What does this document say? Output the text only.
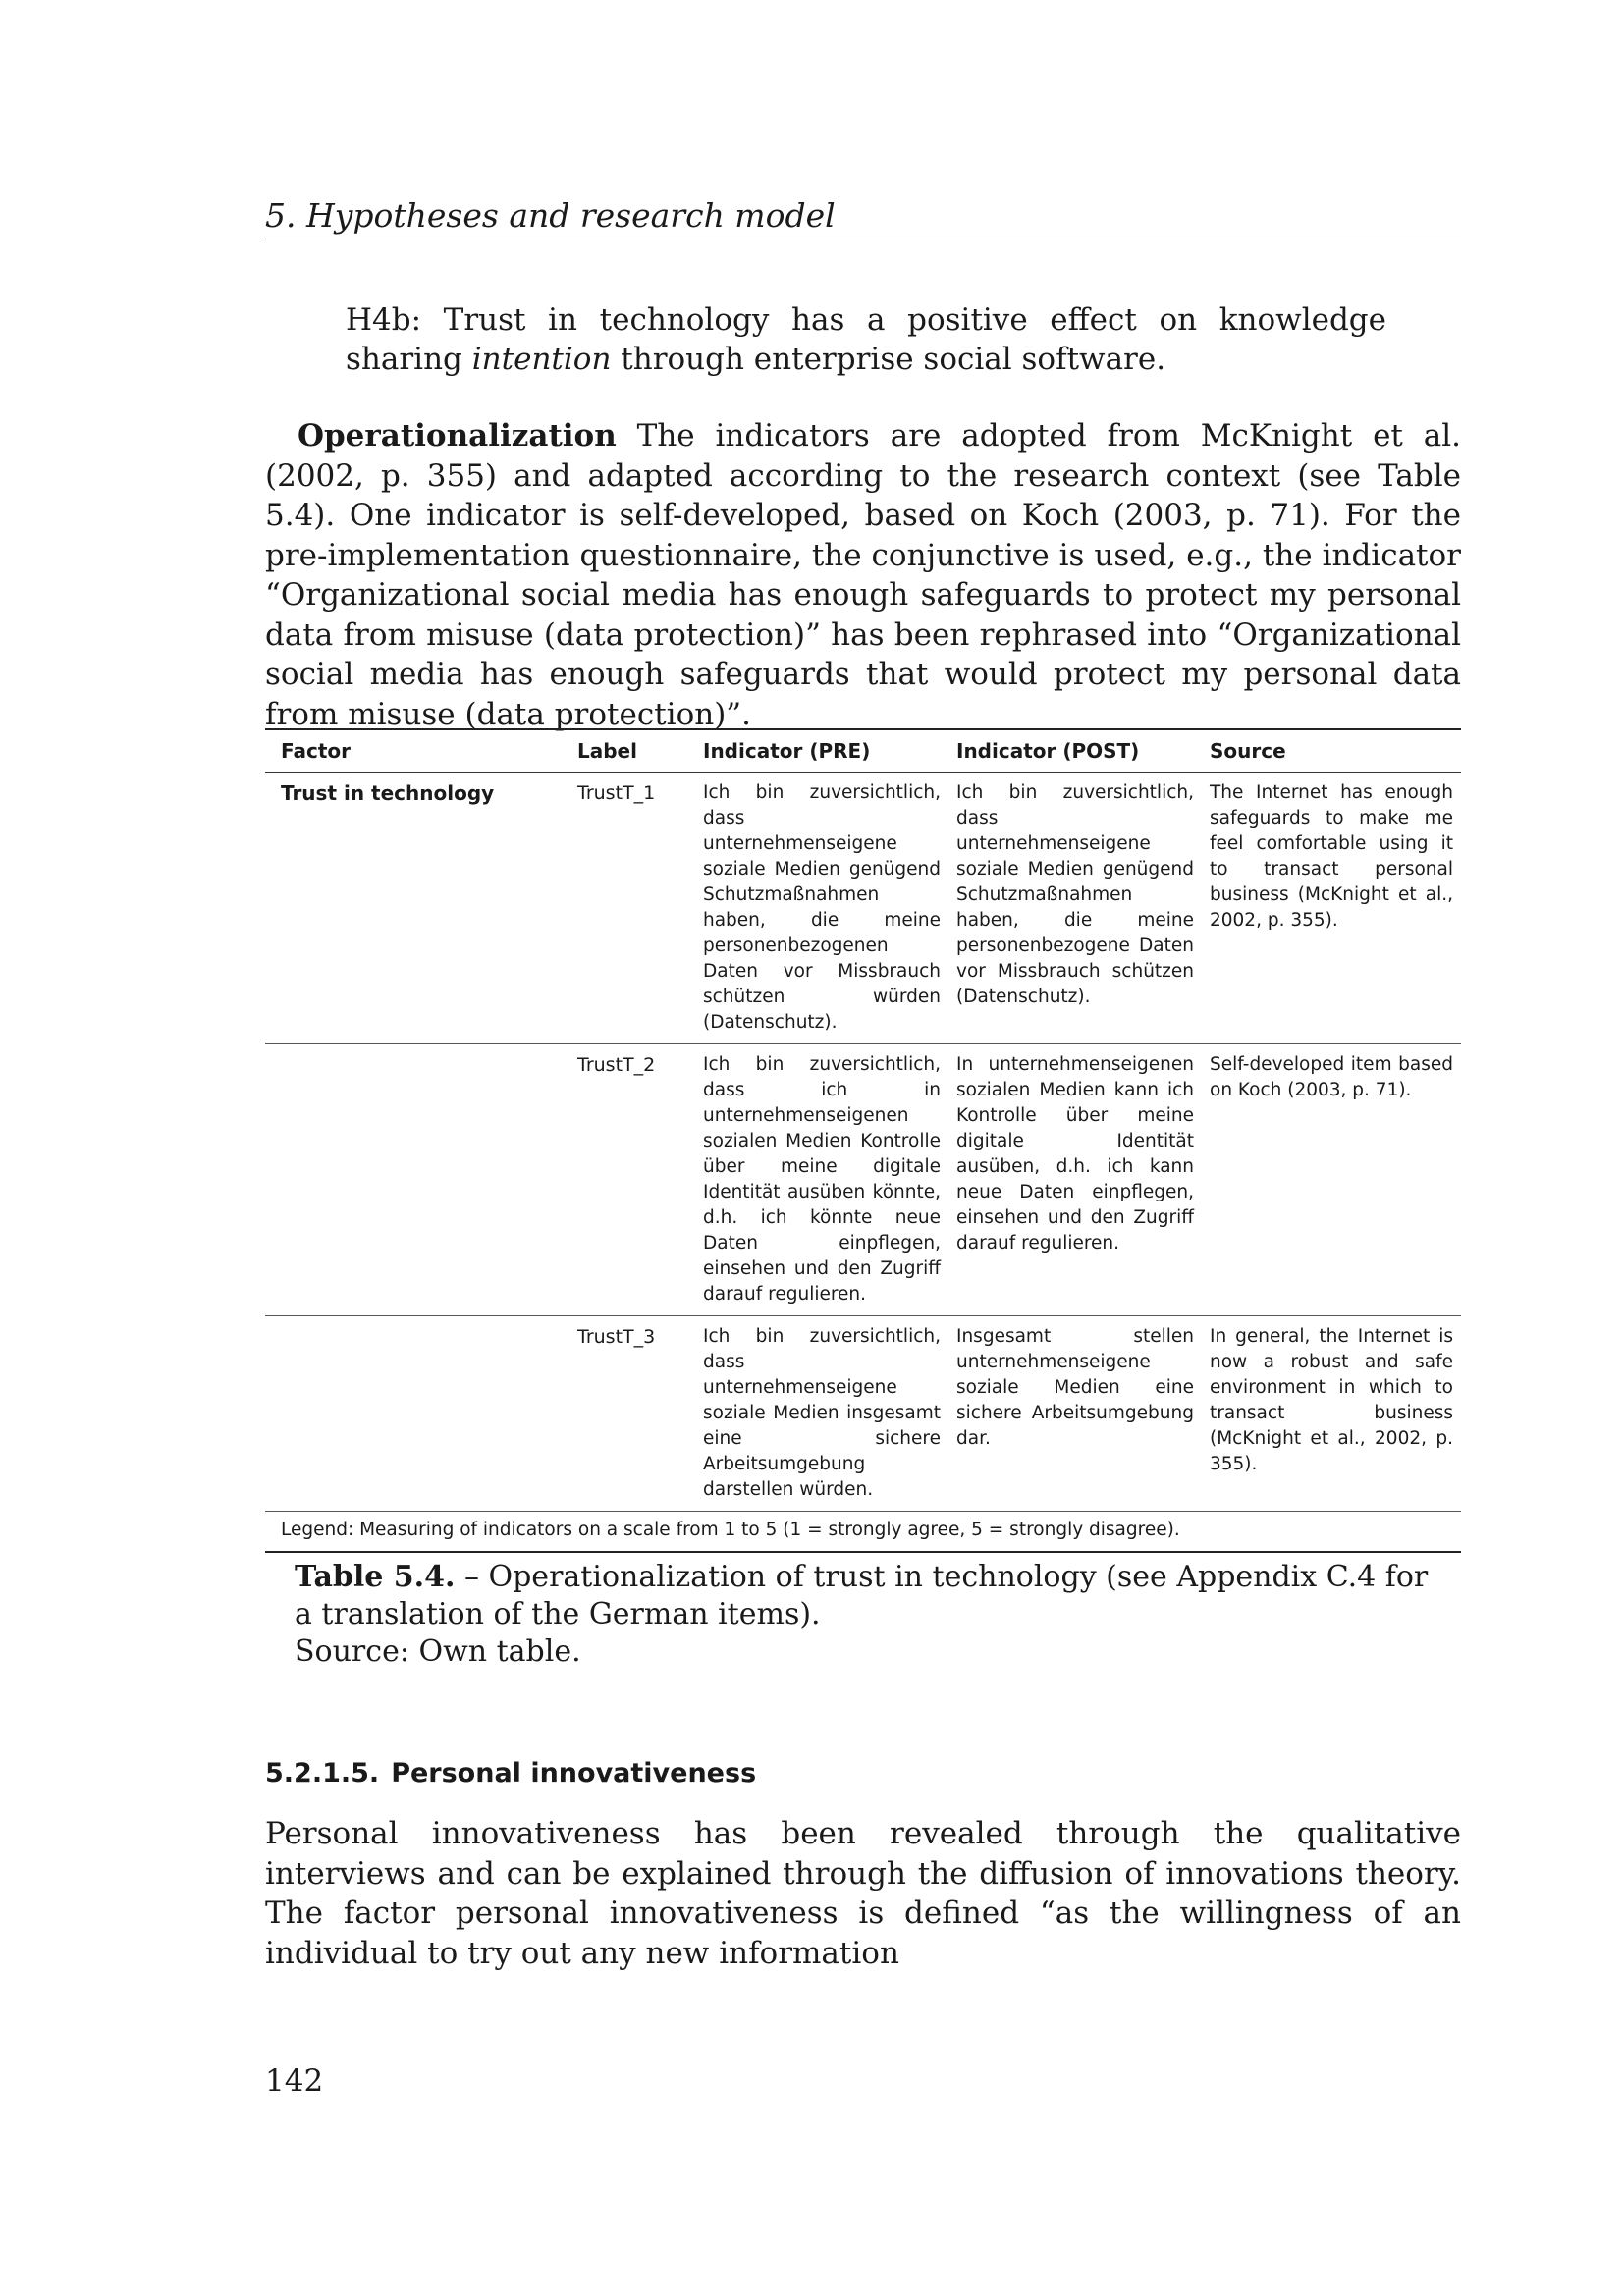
5. Hypotheses and research model
H4b: Trust in technology has a positive effect on knowledge sharing intention through enterprise social software.
Operationalization The indicators are adopted from McKnight et al. (2002, p. 355) and adapted according to the research context (see Table 5.4). One indicator is self-developed, based on Koch (2003, p. 71). For the pre-implementation questionnaire, the conjunctive is used, e.g., the indicator “Organizational social media has enough safeguards to protect my personal data from misuse (data protection)” has been rephrased into “Organizational social media has enough safeguards that would protect my personal data from misuse (data protection)”.
Factor	Label	Indicator (PRE)	Indicator (POST)	Source
Trust in technology	TrustT_1	Ich bin zuversichtlich, dass unternehmenseigene soziale Medien genügend Schutzmaßnahmen haben, die meine personenbezogenen Daten vor Missbrauch schützen würden (Datenschutz).	Ich bin zuversichtlich, dass unternehmenseigene soziale Medien genügend Schutzmaßnahmen haben, die meine personenbezogene Daten vor Missbrauch schützen (Datenschutz).	The Internet has enough safeguards to make me feel comfortable using it to transact personal business (McKnight et al., 2002, p. 355).
	TrustT_2	Ich bin zuversichtlich, dass ich in unternehmenseigenen sozialen Medien Kontrolle über meine digitale Identität ausüben könnte, d.h. ich könnte neue Daten einpflegen, einsehen und den Zugriff darauf regulieren.	In unternehmenseigenen sozialen Medien kann ich Kontrolle über meine digitale Identität ausüben, d.h. ich kann neue Daten einpflegen, einsehen und den Zugriff darauf regulieren.	Self-developed item based on Koch (2003, p. 71).
	TrustT_3	Ich bin zuversichtlich, dass unternehmenseigene soziale Medien insgesamt eine sichere Arbeitsumgebung darstellen würden.	Insgesamt stellen unternehmenseigene soziale Medien eine sichere Arbeitsumgebung dar.	In general, the Internet is now a robust and safe environment in which to transact business (McKnight et al., 2002, p. 355).
Legend: Measuring of indicators on a scale from 1 to 5 (1 = strongly agree, 5 = strongly disagree).				
Table 5.4. – Operationalization of trust in technology (see Appendix C.4 for a translation of the German items).
Source: Own table.
5.2.1.5. Personal innovativeness
Personal innovativeness has been revealed through the qualitative interviews and can be explained through the diffusion of innovations theory. The factor personal innovativeness is defined “as the willingness of an individual to try out any new information
142
